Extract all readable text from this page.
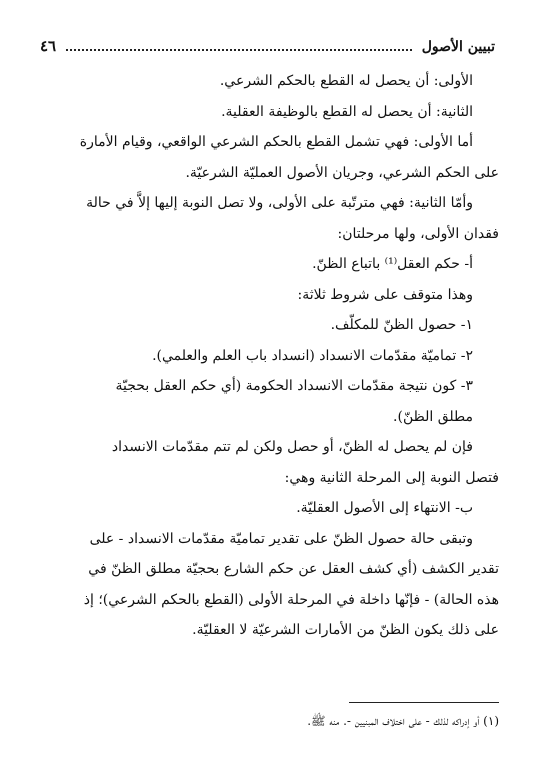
تبيين الأصول
٤٦

الأولى: أن يحصل له القطع بالحكم الشرعي.

الثانية: أن يحصل له القطع بالوظيفة العقلية.

أما الأولى: فهي تشمل القطع بالحكم الشرعي الواقعي، وقيام الأمارة

على الحكم الشرعي، وجريان الأصول العمليّة الشرعيّة.

وأمّا الثانية: فهي مترتّبة على الأولى، ولا تصل النوبة إليها إلاَّ في حالة

فقدان الأولى، ولها مرحلتان:

أ- حكم العقل⁽¹⁾ باتباع الظنّ.

وهذا متوقف على شروط ثلاثة:

١- حصول الظنّ للمكلّف.

٢- تماميّة مقدّمات الانسداد (انسداد باب العلم والعلمي).

٣- كون نتيجة مقدّمات الانسداد الحكومة (أي حكم العقل بحجيّة

مطلق الظنّ).

فإن لم يحصل له الظنّ، أو حصل ولكن لم تتم مقدّمات الانسداد

فتصل النوبة إلى المرحلة الثانية وهي:

ب- الانتهاء إلى الأصول العقليّة.

وتبقى حالة حصول الظنّ على تقدير تماميّة مقدّمات الانسداد - على

تقدير الكشف (أي كشف العقل عن حكم الشارع بحجيّة مطلق الظنّ في

هذه الحالة) - فإنّها داخلة في المرحلة الأولى (القطع بالحكم الشرعي)؛ إذ

على ذلك يكون الظنّ من الأمارات الشرعيّة لا العقليّة.

(١) أو إدراكه لذلك - على اختلاف المبنيين -. منه ﷺ.
